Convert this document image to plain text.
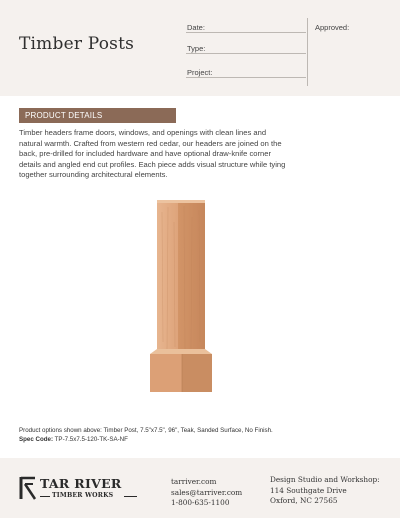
Timber Posts
Date:	Approved:
Type:
Project:
PRODUCT DETAILS
Timber headers frame doors, windows, and openings with clean lines and natural warmth. Crafted from western red cedar, our headers are joined on the back, pre-drilled for included hardware and have optional draw-knife corner details and angled end cut profiles. Each piece adds visual structure while tying together surrounding architectural elements.
Product options shown above: Timber Post, 7.5"x7.5", 96", Teak, Sanded Surface, No Finish.
Spec Code: TP-7.5x7.5-120-TK-SA-NF
TAR RIVER
TIMBER WORKS
tarriver.com
sales@tarriver.com
1-800-635-1100
Design Studio and Workshop:
114 Southgate Drive
Oxford, NC 27565
